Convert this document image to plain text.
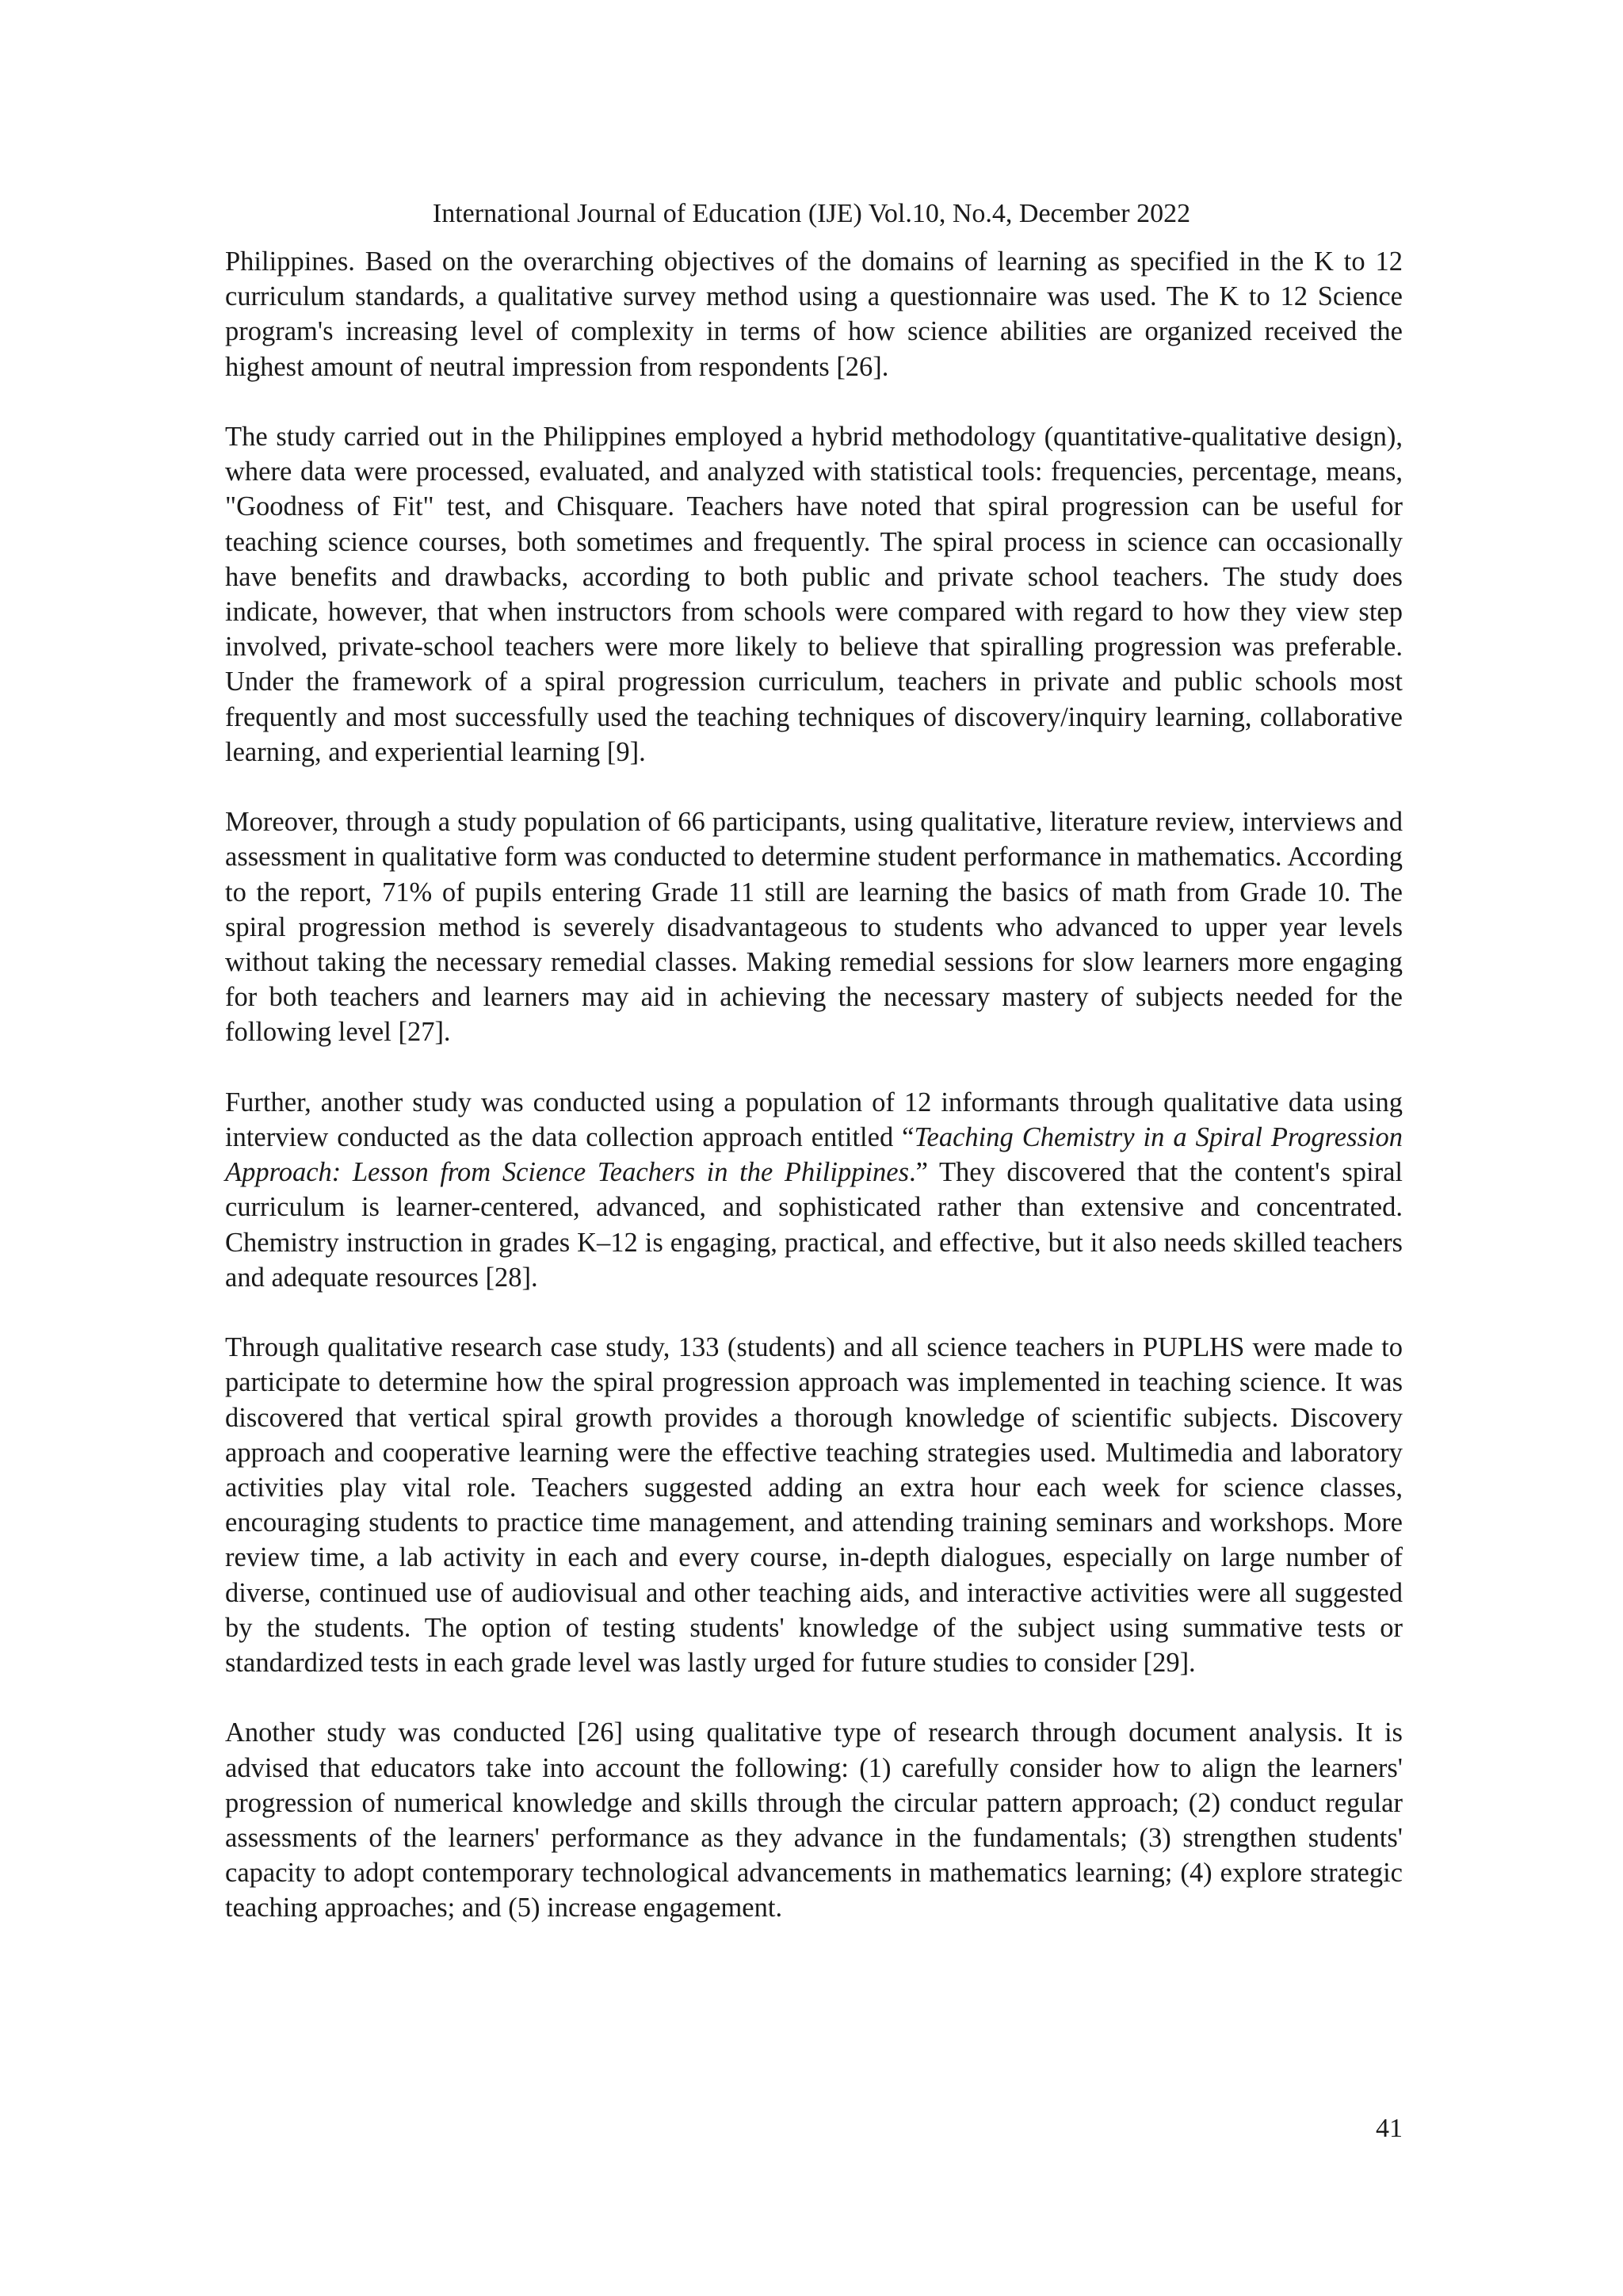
International Journal of Education (IJE) Vol.10, No.4, December 2022

Philippines. Based on the overarching objectives of the domains of learning as specified in the K to 12 curriculum standards, a qualitative survey method using a questionnaire was used. The K to 12 Science program's increasing level of complexity in terms of how science abilities are organized received the highest amount of neutral impression from respondents [26].

The study carried out in the Philippines employed a hybrid methodology (quantitative-qualitative design), where data were processed, evaluated, and analyzed with statistical tools: frequencies, percentage, means, "Goodness of Fit" test, and Chisquare. Teachers have noted that spiral progression can be useful for teaching science courses, both sometimes and frequently. The spiral process in science can occasionally have benefits and drawbacks, according to both public and private school teachers. The study does indicate, however, that when instructors from schools were compared with regard to how they view step involved, private-school teachers were more likely to believe that spiralling progression was preferable. Under the framework of a spiral progression curriculum, teachers in private and public schools most frequently and most successfully used the teaching techniques of discovery/inquiry learning, collaborative learning, and experiential learning [9].

Moreover, through a study population of 66 participants, using qualitative, literature review, interviews and assessment in qualitative form was conducted to determine student performance in mathematics. According to the report, 71% of pupils entering Grade 11 still are learning the basics of math from Grade 10. The spiral progression method is severely disadvantageous to students who advanced to upper year levels without taking the necessary remedial classes. Making remedial sessions for slow learners more engaging for both teachers and learners may aid in achieving the necessary mastery of subjects needed for the following level [27].

Further, another study was conducted using a population of 12 informants through qualitative data using interview conducted as the data collection approach entitled “Teaching Chemistry in a Spiral Progression Approach: Lesson from Science Teachers in the Philippines.” They discovered that the content's spiral curriculum is learner-centered, advanced, and sophisticated rather than extensive and concentrated. Chemistry instruction in grades K–12 is engaging, practical, and effective, but it also needs skilled teachers and adequate resources [28].

Through qualitative research case study, 133 (students) and all science teachers in PUPLHS were made to participate to determine how the spiral progression approach was implemented in teaching science. It was discovered that vertical spiral growth provides a thorough knowledge of scientific subjects. Discovery approach and cooperative learning were the effective teaching strategies used. Multimedia and laboratory activities play vital role. Teachers suggested adding an extra hour each week for science classes, encouraging students to practice time management, and attending training seminars and workshops. More review time, a lab activity in each and every course, in-depth dialogues, especially on large number of diverse, continued use of audiovisual and other teaching aids, and interactive activities were all suggested by the students. The option of testing students' knowledge of the subject using summative tests or standardized tests in each grade level was lastly urged for future studies to consider [29].

Another study was conducted [26] using qualitative type of research through document analysis. It is advised that educators take into account the following: (1) carefully consider how to align the learners' progression of numerical knowledge and skills through the circular pattern approach; (2) conduct regular assessments of the learners' performance as they advance in the fundamentals; (3) strengthen students' capacity to adopt contemporary technological advancements in mathematics learning; (4) explore strategic teaching approaches; and (5) increase engagement.

41
